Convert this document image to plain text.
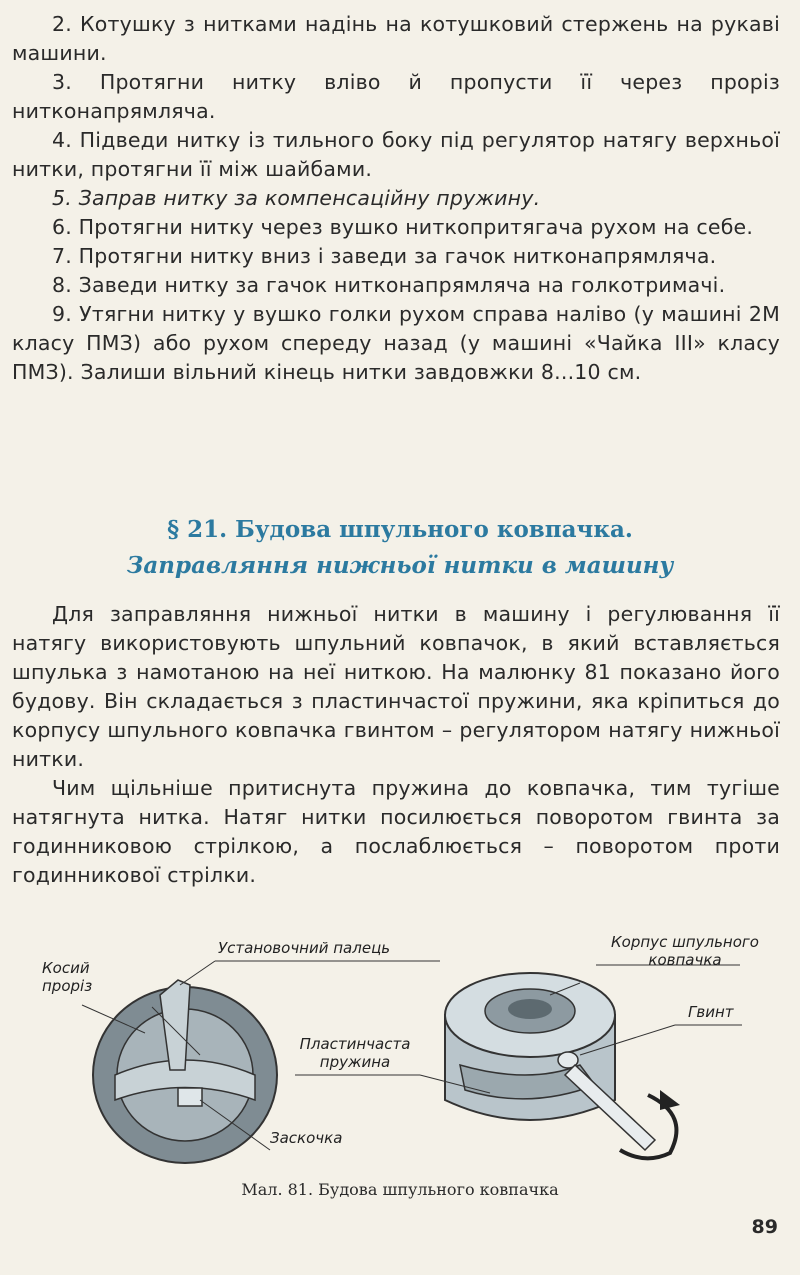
2. Котушку з нитками надінь на котушковий стержень на рукаві машини.

3. Протягни нитку вліво й пропусти її через проріз нитконапрямляча.

4. Підведи нитку із тильного боку під регулятор натягу верхньої нитки, протягни її між шайбами.

5. Заправ нитку за компенсаційну пружину.

6. Протягни нитку через вушко ниткопритягача рухом на себе.

7. Протягни нитку вниз і заведи за гачок нитконапрямляча.

8. Заведи нитку за гачок нитконапрямляча на голкотримачі.

9. Утягни нитку у вушко голки рухом справа наліво (у машині 2М класу ПМЗ) або рухом спереду назад (у машині «Чайка ІІІ» класу ПМЗ). Залиши вільний кінець нитки завдовжки 8...10 см.

§ 21. Будова шпульного ковпачка.
Заправляння нижньої нитки в машину

Для заправляння нижньої нитки в машину і регулювання її натягу використовують шпульний ковпачок, в який вставляється шпулька з намотаною на неї ниткою. На малюнку 81 показано його будову. Він складається з пластинчастої пружини, яка кріпиться до корпусу шпульного ковпачка гвинтом – регулятором натягу нижньої нитки.

Чим щільніше притиснута пружина до ковпачка, тим тугіше натягнута нитка. Натяг нитки посилюється поворотом гвинта за годинниковою стрілкою, а послаблюється – поворотом проти годинникової стрілки.

Косий проріз
Установочний палець
Заскочка
Корпус шпульного ковпачка
Гвинт
Пластинчаста пружина
Мал. 81. Будова шпульного ковпачка
89
